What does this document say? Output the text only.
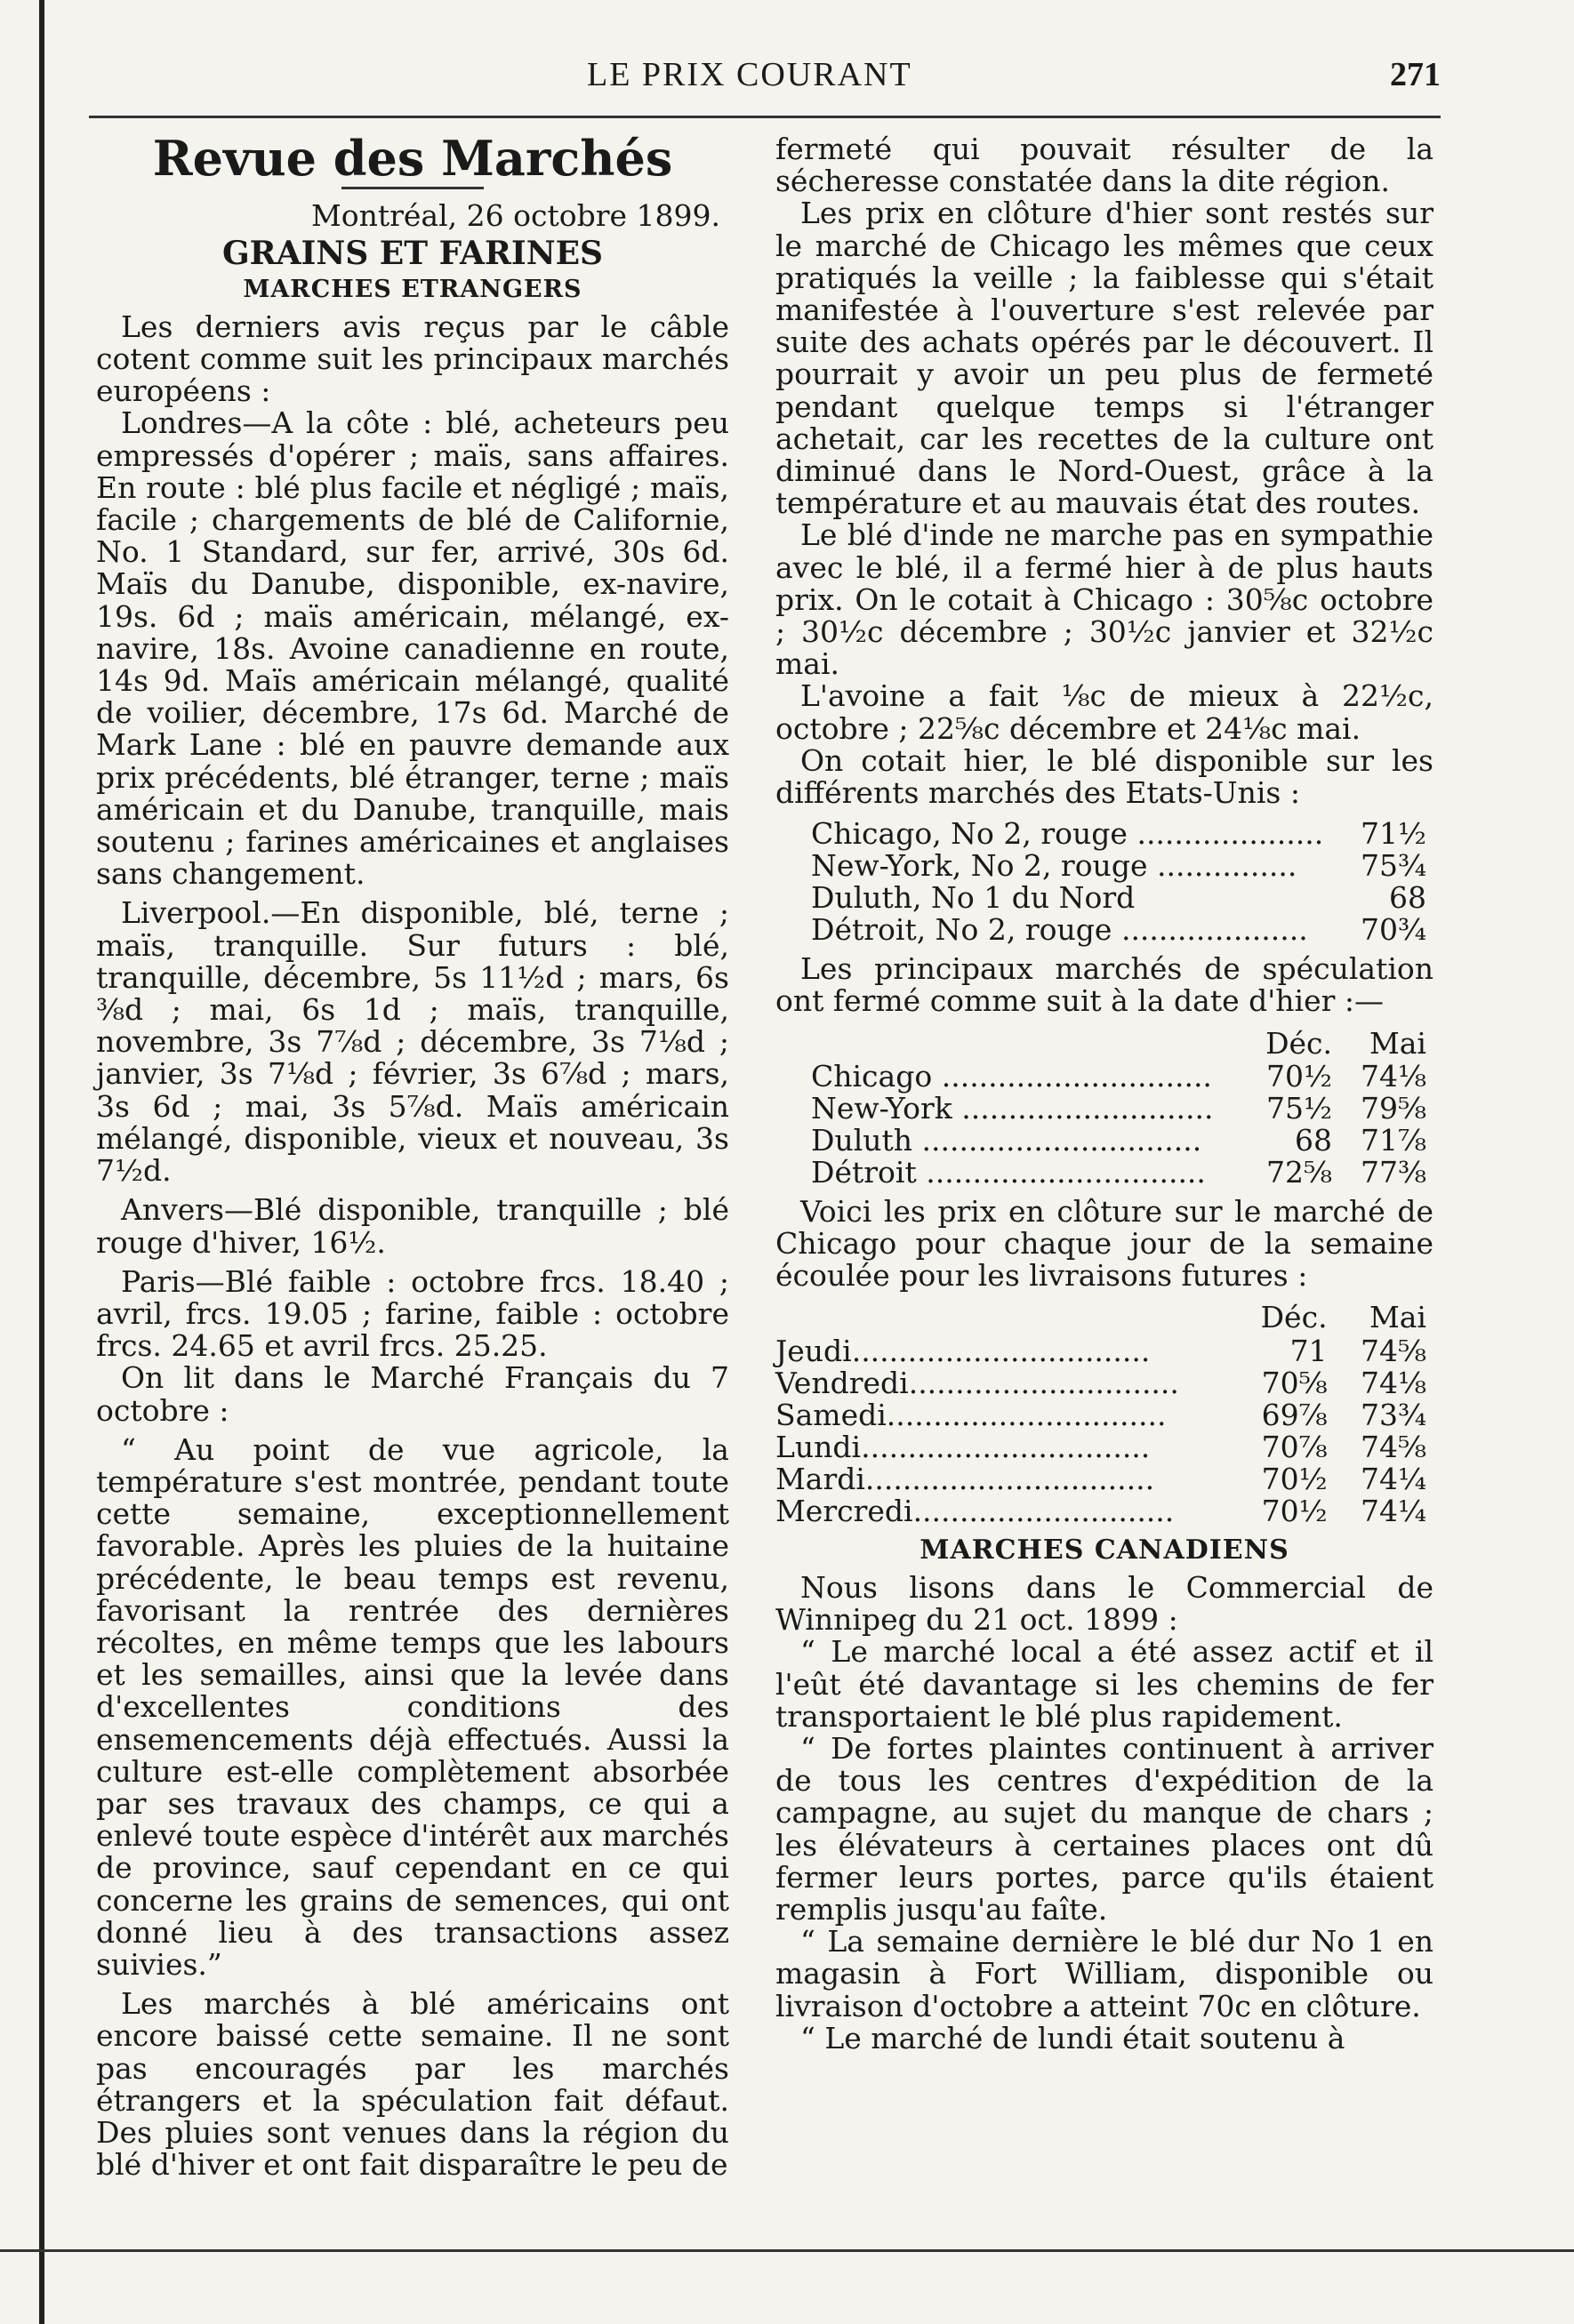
LE PRIX COURANT	271
Revue des Marchés
Montréal, 26 octobre 1899.
GRAINS ET FARINES
MARCHES ETRANGERS

Les derniers avis reçus par le câble cotent comme suit les principaux marchés européens :

Londres—A la côte : blé, acheteurs peu empressés d'opérer ; maïs, sans affaires. En route : blé plus facile et négligé ; maïs, facile ; chargements de blé de Californie, No. 1 Standard, sur fer, arrivé, 30s 6d. Maïs du Danube, disponible, ex-navire, 19s. 6d ; maïs américain, mélangé, ex-navire, 18s. Avoine canadienne en route, 14s 9d. Maïs américain mélangé, qualité de voilier, décembre, 17s 6d. Marché de Mark Lane : blé en pauvre demande aux prix précédents, blé étranger, terne ; maïs américain et du Danube, tranquille, mais soutenu ; farines américaines et anglaises sans changement.

Liverpool.—En disponible, blé, terne ; maïs, tranquille. Sur futurs : blé, tranquille, décembre, 5s 11½d ; mars, 6s ⅜d ; mai, 6s 1d ; maïs, tranquille, novembre, 3s 7⅞d ; décembre, 3s 7⅛d ; janvier, 3s 7⅛d ; février, 3s 6⅞d ; mars, 3s 6d ; mai, 3s 5⅞d. Maïs américain mélangé, disponible, vieux et nouveau, 3s 7½d.

Anvers—Blé disponible, tranquille ; blé rouge d'hiver, 16½.

Paris—Blé faible : octobre frcs. 18.40 ; avril, frcs. 19.05 ; farine, faible : octobre frcs. 24.65 et avril frcs. 25.25.

On lit dans le Marché Français du 7 octobre :

“ Au point de vue agricole, la température s'est montrée, pendant toute cette semaine, exceptionnellement favorable. Après les pluies de la huitaine précédente, le beau temps est revenu, favorisant la rentrée des dernières récoltes, en même temps que les labours et les semailles, ainsi que la levée dans d'excellentes conditions des ensemencements déjà effectués. Aussi la culture est-elle complètement absorbée par ses travaux des champs, ce qui a enlevé toute espèce d'intérêt aux marchés de province, sauf cependant en ce qui concerne les grains de semences, qui ont donné lieu à des transactions assez suivies.”

Les marchés à blé américains ont encore baissé cette semaine. Il ne sont pas encouragés par les marchés étrangers et la spéculation fait défaut. Des pluies sont venues dans la région du blé d'hiver et ont fait disparaître le peu de

fermeté qui pouvait résulter de la sécheresse constatée dans la dite région.

Les prix en clôture d'hier sont restés sur le marché de Chicago les mêmes que ceux pratiqués la veille ; la faiblesse qui s'était manifestée à l'ouverture s'est relevée par suite des achats opérés par le découvert. Il pourrait y avoir un peu plus de fermeté pendant quelque temps si l'étranger achetait, car les recettes de la culture ont diminué dans le Nord-Ouest, grâce à la température et au mauvais état des routes.

Le blé d'inde ne marche pas en sympathie avec le blé, il a fermé hier à de plus hauts prix. On le cotait à Chicago : 30⅝c octobre ; 30½c décembre ; 30½c janvier et 32½c mai.

L'avoine a fait ⅛c de mieux à 22½c, octobre ; 22⅝c décembre et 24⅛c mai.

On cotait hier, le blé disponible sur les différents marchés des Etats-Unis :

Chicago, No 2, rouge ....................	71½
New-York, No 2, rouge ...............	75¾
Duluth, No 1 du Nord	68
Détroit, No 2, rouge ....................	70¾

Les principaux marchés de spéculation ont fermé comme suit à la date d'hier :—

	Déc.	Mai
Chicago .............................	70½	74⅛
New-York ...........................	75½	79⅝
Duluth ..............................	68	71⅞
Détroit ..............................	72⅝	77⅜

Voici les prix en clôture sur le marché de Chicago pour chaque jour de la semaine écoulée pour les livraisons futures :

	Déc.	Mai
Jeudi................................	71	74⅝
Vendredi.............................	70⅝	74⅛
Samedi..............................	69⅞	73¾
Lundi...............................	70⅞	74⅝
Mardi...............................	70½	74¼
Mercredi............................	70½	74¼
MARCHES CANADIENS

Nous lisons dans le Commercial de Winnipeg du 21 oct. 1899 :

“ Le marché local a été assez actif et il l'eût été davantage si les chemins de fer transportaient le blé plus rapidement.

“ De fortes plaintes continuent à arriver de tous les centres d'expédition de la campagne, au sujet du manque de chars ; les élévateurs à certaines places ont dû fermer leurs portes, parce qu'ils étaient remplis jusqu'au faîte.

“ La semaine dernière le blé dur No 1 en magasin à Fort William, disponible ou livraison d'octobre a atteint 70c en clôture.

“ Le marché de lundi était soutenu à
